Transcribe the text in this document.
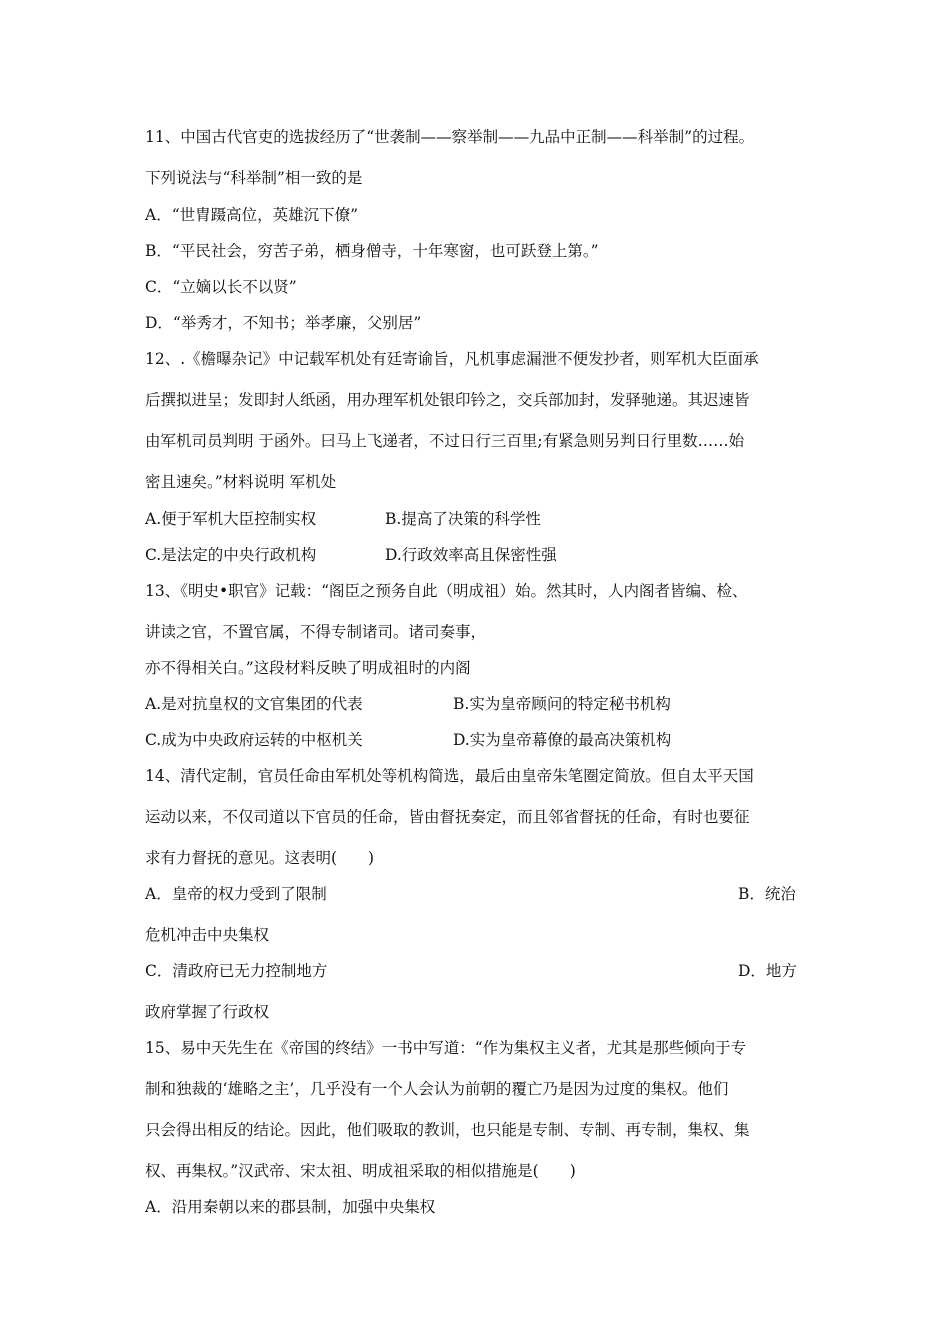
11、中国古代官吏的选拔经历了“世袭制——察举制——九品中正制——科举制”的过程。
下列说法与“科举制”相一致的是
A．“世胄蹑高位，英雄沉下僚”
B．“平民社会，穷苦子弟，栖身僧寺，十年寒窗，也可跃登上第。”
C．“立嫡以长不以贤”
D．“举秀才，不知书；举孝廉，父别居”
12、.《檐曝杂记》中记载军机处有廷寄谕旨，凡机事虑漏泄不便发抄者，则军机大臣面承
后撰拟进呈；发即封人纸函，用办理军机处银印钤之，交兵部加封，发驿驰递。其迟速皆
由军机司员判明 于函外。曰马上飞递者，不过日行三百里;有紧急则另判日行里数……始
密且速矣。”材料说明 军机处
A.便于军机大臣控制实权	B.提高了决策的科学性
C.是法定的中央行政机构	D.行政效率高且保密性强
13、《明史•职官》记载：“阁臣之预务自此（明成祖）始。然其时，人内阁者皆编、检、
讲读之官，不置官属，不得专制诸司。诸司奏事，
亦不得相关白。”这段材料反映了明成祖时的内阁
A.是对抗皇权的文官集团的代表	B.实为皇帝顾问的特定秘书机构
C.成为中央政府运转的中枢机关	D.实为皇帝幕僚的最高决策机构
14、清代定制，官员任命由军机处等机构简选，最后由皇帝朱笔圈定简放。但自太平天国
运动以来，不仅司道以下官员的任命，皆由督抚奏定，而且邻省督抚的任命，有时也要征
求有力督抚的意见。这表明(　　)
A．皇帝的权力受到了限制	B．统治
危机冲击中央集权
C．清政府已无力控制地方	D．地方
政府掌握了行政权
15、易中天先生在《帝国的终结》一书中写道：“作为集权主义者，尤其是那些倾向于专
制和独裁的‘雄略之主’，几乎没有一个人会认为前朝的覆亡乃是因为过度的集权。他们
只会得出相反的结论。因此，他们吸取的教训，也只能是专制、专制、再专制，集权、集
权、再集权。”汉武帝、宋太祖、明成祖采取的相似措施是(　　)
A．沿用秦朝以来的郡县制，加强中央集权
